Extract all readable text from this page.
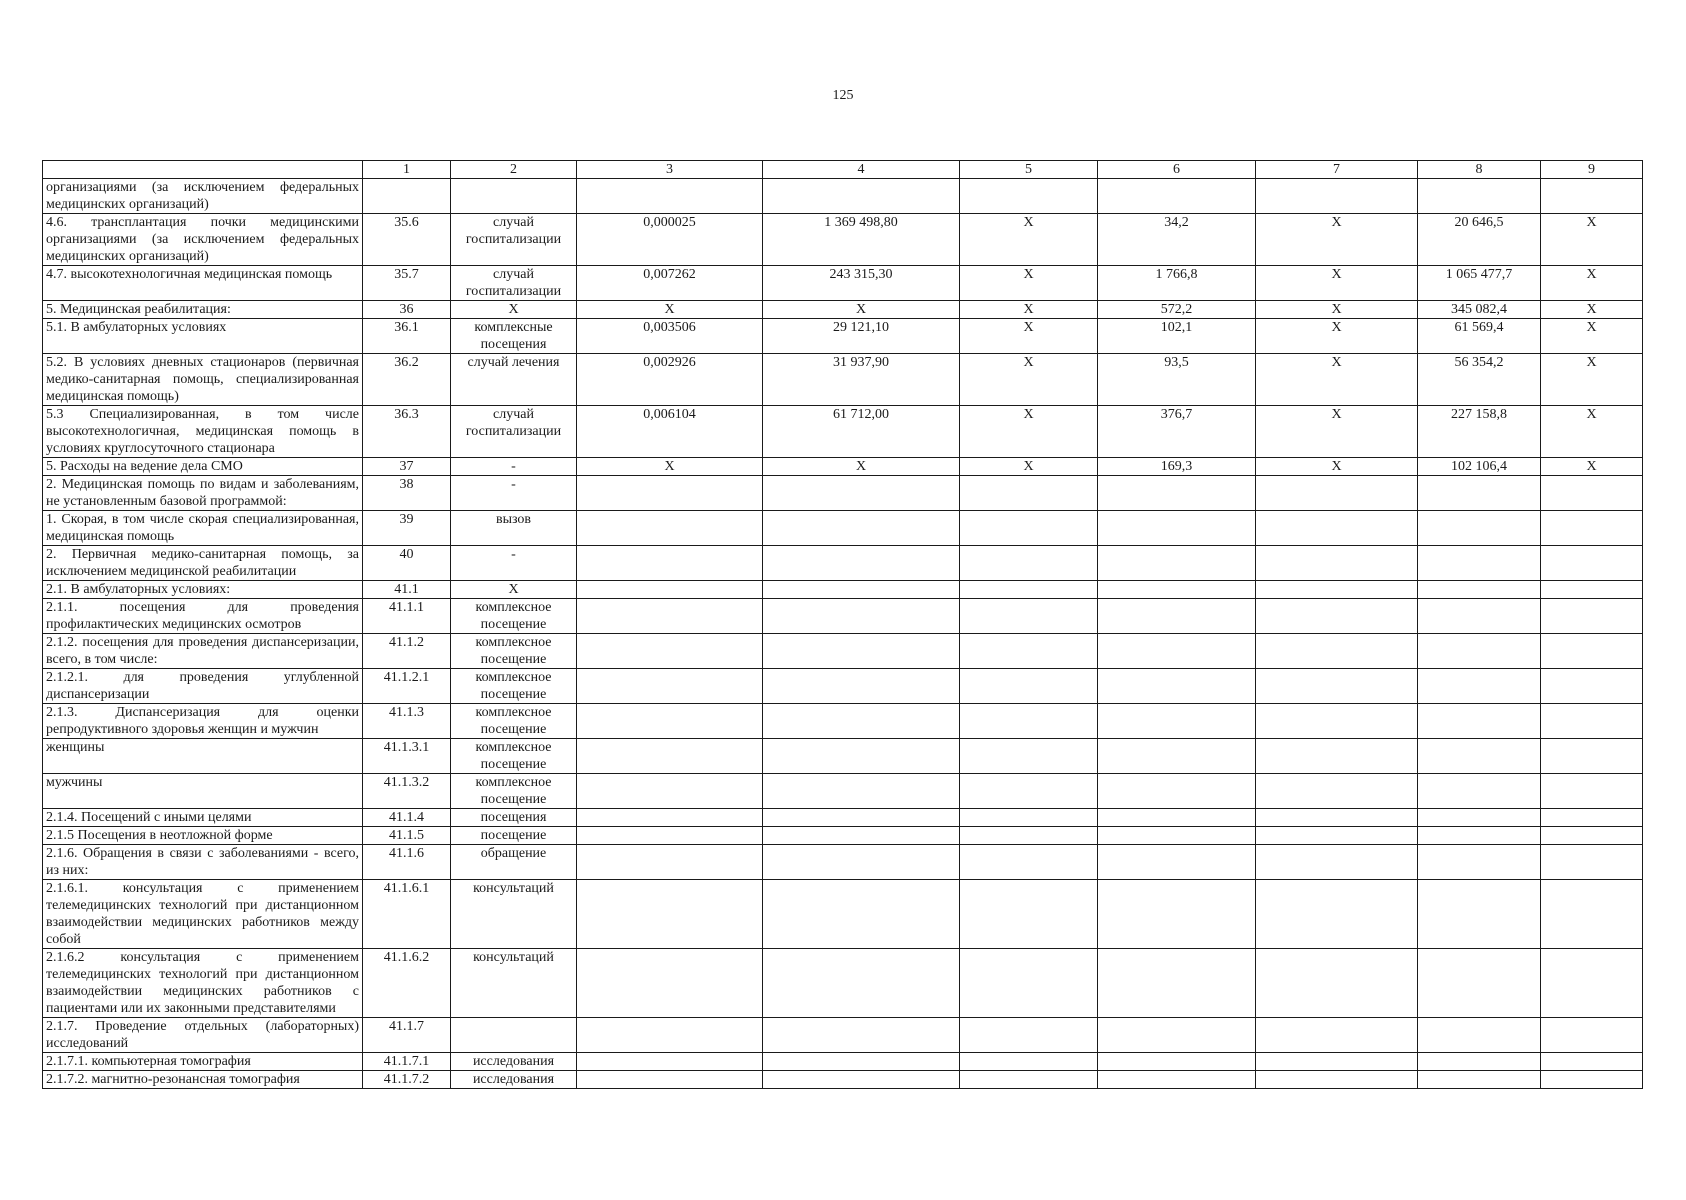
125
	1	2	3	4	5	6	7	8	9
организациями (за исключением федеральных медицинских организаций)									
4.6. трансплантация почки медицинскими организациями (за исключением федеральных медицинских организаций)	35.6	случай госпитализации	0,000025	1 369 498,80	X	34,2	X	20 646,5	X
4.7. высокотехнологичная медицинская помощь	35.7	случай госпитализации	0,007262	243 315,30	X	1 766,8	X	1 065 477,7	X
5. Медицинская реабилитация:	36	X	X	X	X	572,2	X	345 082,4	X
5.1. В амбулаторных условиях	36.1	комплексные посещения	0,003506	29 121,10	X	102,1	X	61 569,4	X
5.2. В условиях дневных стационаров (первичная медико-санитарная помощь, специализированная медицинская помощь)	36.2	случай лечения	0,002926	31 937,90	X	93,5	X	56 354,2	X
5.3 Специализированная, в том числе высокотехнологичная, медицинская помощь в условиях круглосуточного стационара	36.3	случай госпитализации	0,006104	61 712,00	X	376,7	X	227 158,8	X
5. Расходы на ведение дела СМО	37	-	X	X	X	169,3	X	102 106,4	X
2. Медицинская помощь по видам и заболеваниям, не установленным базовой программой:	38	-							
1. Скорая, в том числе скорая специализированная, медицинская помощь	39	вызов							
2. Первичная медико-санитарная помощь, за исключением медицинской реабилитации	40	-							
2.1. В амбулаторных условиях:	41.1	X							
2.1.1. посещения для проведения профилактических медицинских осмотров	41.1.1	комплексное посещение							
2.1.2. посещения для проведения диспансеризации, всего, в том числе:	41.1.2	комплексное посещение							
2.1.2.1. для проведения углубленной диспансеризации	41.1.2.1	комплексное посещение							
2.1.3. Диспансеризация для оценки репродуктивного здоровья женщин и мужчин	41.1.3	комплексное посещение							
женщины	41.1.3.1	комплексное посещение							
мужчины	41.1.3.2	комплексное посещение							
2.1.4. Посещений с иными целями	41.1.4	посещения							
2.1.5 Посещения в неотложной форме	41.1.5	посещение							
2.1.6. Обращения в связи с заболеваниями - всего, из них:	41.1.6	обращение							
2.1.6.1. консультация с применением телемедицинских технологий при дистанционном взаимодействии медицинских работников между собой	41.1.6.1	консультаций							
2.1.6.2 консультация с применением телемедицинских технологий при дистанционном взаимодействии медицинских работников с пациентами или их законными представителями	41.1.6.2	консультаций							
2.1.7. Проведение отдельных (лабораторных) исследований	41.1.7								
2.1.7.1. компьютерная томография	41.1.7.1	исследования							
2.1.7.2. магнитно-резонансная томография	41.1.7.2	исследования							
